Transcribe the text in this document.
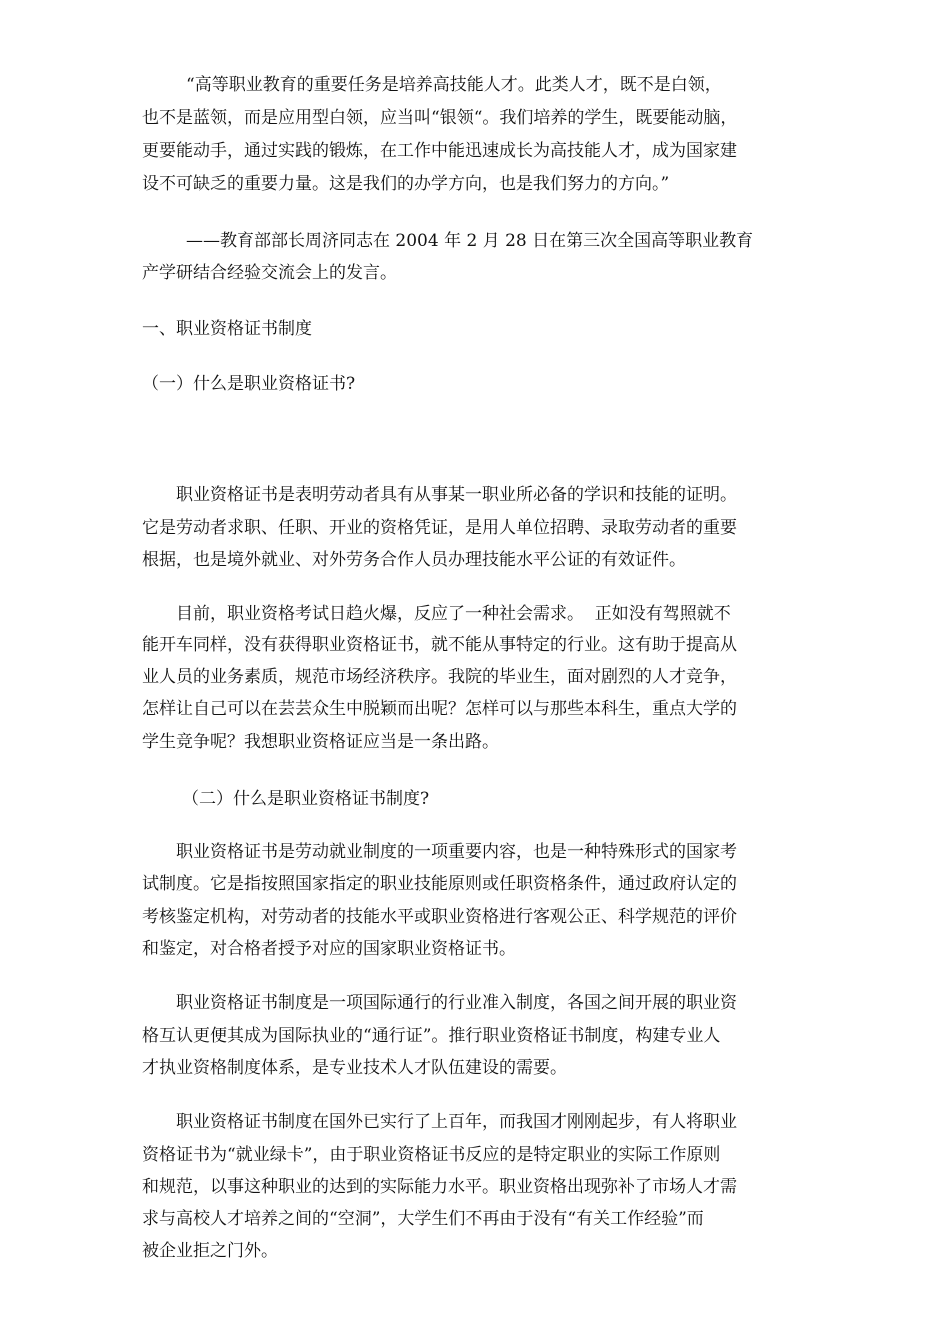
“高等职业教育的重要任务是培养高技能人才。此类人才，既不是白领，
也不是蓝领，而是应用型白领，应当叫“银领“。我们培养的学生，既要能动脑，
更要能动手，通过实践的锻炼，在工作中能迅速成长为高技能人才，成为国家建
设不可缺乏的重要力量。这是我们的办学方向，也是我们努力的方向。”
——教育部部长周济同志在 2004 年 2 月 28 日在第三次全国高等职业教育
产学研结合经验交流会上的发言。
一、职业资格证书制度
（一）什么是职业资格证书?
职业资格证书是表明劳动者具有从事某一职业所必备的学识和技能的证明。
它是劳动者求职、任职、开业的资格凭证，是用人单位招聘、录取劳动者的重要
根据，也是境外就业、对外劳务合作人员办理技能水平公证的有效证件。
目前，职业资格考试日趋火爆，反应了一种社会需求。  正如没有驾照就不
能开车同样，没有获得职业资格证书，就不能从事特定的行业。这有助于提高从
业人员的业务素质，规范市场经济秩序。我院的毕业生，面对剧烈的人才竞争，
怎样让自己可以在芸芸众生中脱颖而出呢？怎样可以与那些本科生，重点大学的
学生竞争呢？我想职业资格证应当是一条出路。
（二）什么是职业资格证书制度?
职业资格证书是劳动就业制度的一项重要内容，也是一种特殊形式的国家考
试制度。它是指按照国家指定的职业技能原则或任职资格条件，通过政府认定的
考核鉴定机构，对劳动者的技能水平或职业资格进行客观公正、科学规范的评价
和鉴定，对合格者授予对应的国家职业资格证书。
职业资格证书制度是一项国际通行的行业准入制度，各国之间开展的职业资
格互认更便其成为国际执业的“通行证”。推行职业资格证书制度，构建专业人
才执业资格制度体系，是专业技术人才队伍建设的需要。
职业资格证书制度在国外已实行了上百年，而我国才刚刚起步，有人将职业
资格证书为“就业绿卡”，由于职业资格证书反应的是特定职业的实际工作原则
和规范，以事这种职业的达到的实际能力水平。职业资格出现弥补了市场人才需
求与高校人才培养之间的“空洞”，大学生们不再由于没有“有关工作经验”而
被企业拒之门外。
